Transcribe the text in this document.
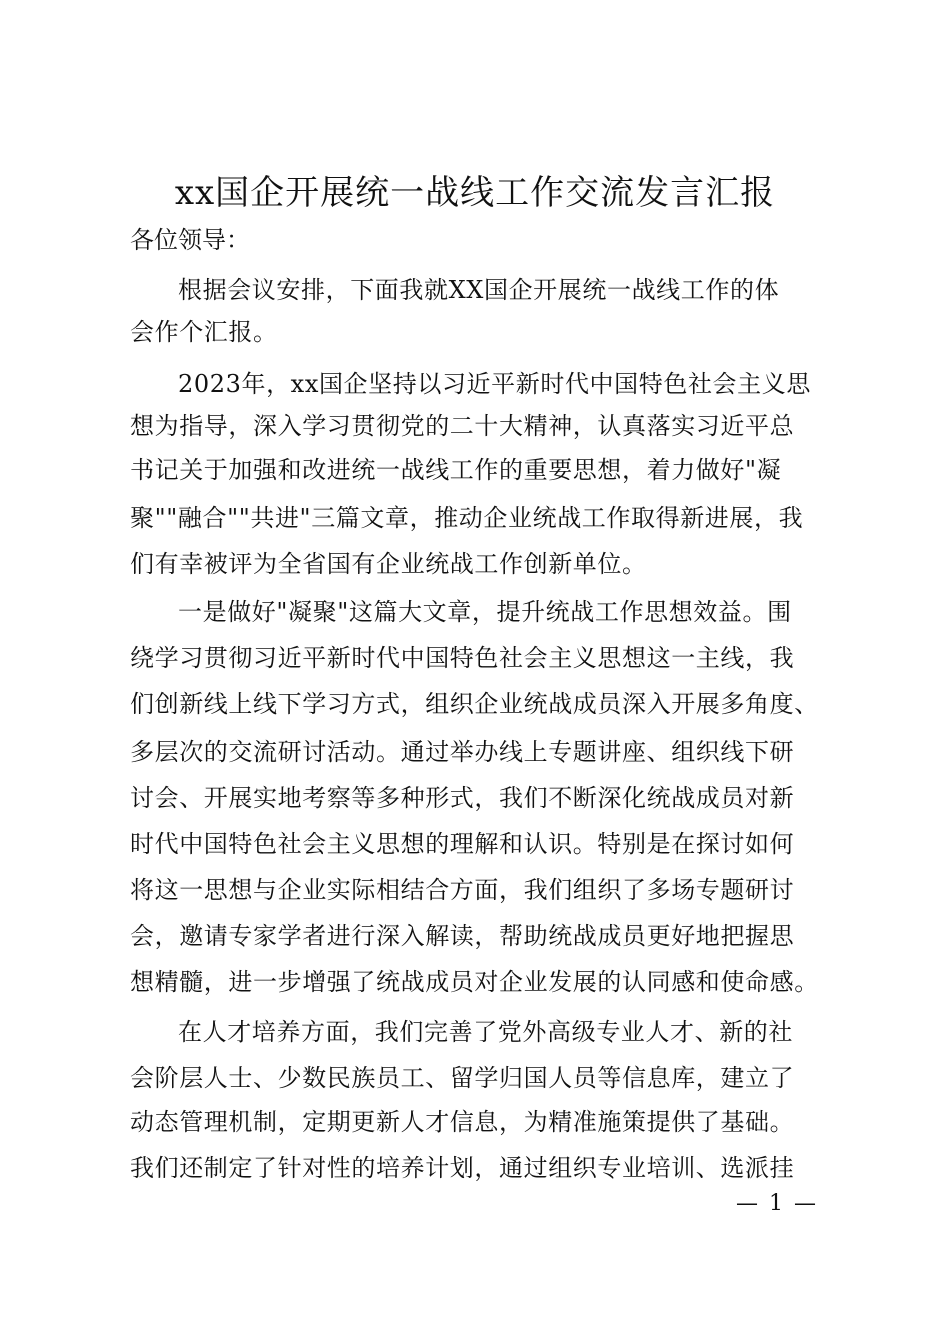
xx国企开展统一战线工作交流发言汇报
各位领导：
根据会议安排，下面我就XX国企开展统一战线工作的体
会作个汇报。
2023年，xx国企坚持以习近平新时代中国特色社会主义思
想为指导，深入学习贯彻党的二十大精神，认真落实习近平总
书记关于加强和改进统一战线工作的重要思想，着力做好"凝
聚""融合""共进"三篇文章，推动企业统战工作取得新进展，我
们有幸被评为全省国有企业统战工作创新单位。
一是做好"凝聚"这篇大文章，提升统战工作思想效益。围
绕学习贯彻习近平新时代中国特色社会主义思想这一主线，我
们创新线上线下学习方式，组织企业统战成员深入开展多角度、
多层次的交流研讨活动。通过举办线上专题讲座、组织线下研
讨会、开展实地考察等多种形式，我们不断深化统战成员对新
时代中国特色社会主义思想的理解和认识。特别是在探讨如何
将这一思想与企业实际相结合方面，我们组织了多场专题研讨
会，邀请专家学者进行深入解读，帮助统战成员更好地把握思
想精髓，进一步增强了统战成员对企业发展的认同感和使命感。
在人才培养方面，我们完善了党外高级专业人才、新的社
会阶层人士、少数民族员工、留学归国人员等信息库，建立了
动态管理机制，定期更新人才信息，为精准施策提供了基础。
我们还制定了针对性的培养计划，通过组织专业培训、选派挂
— 1 —
